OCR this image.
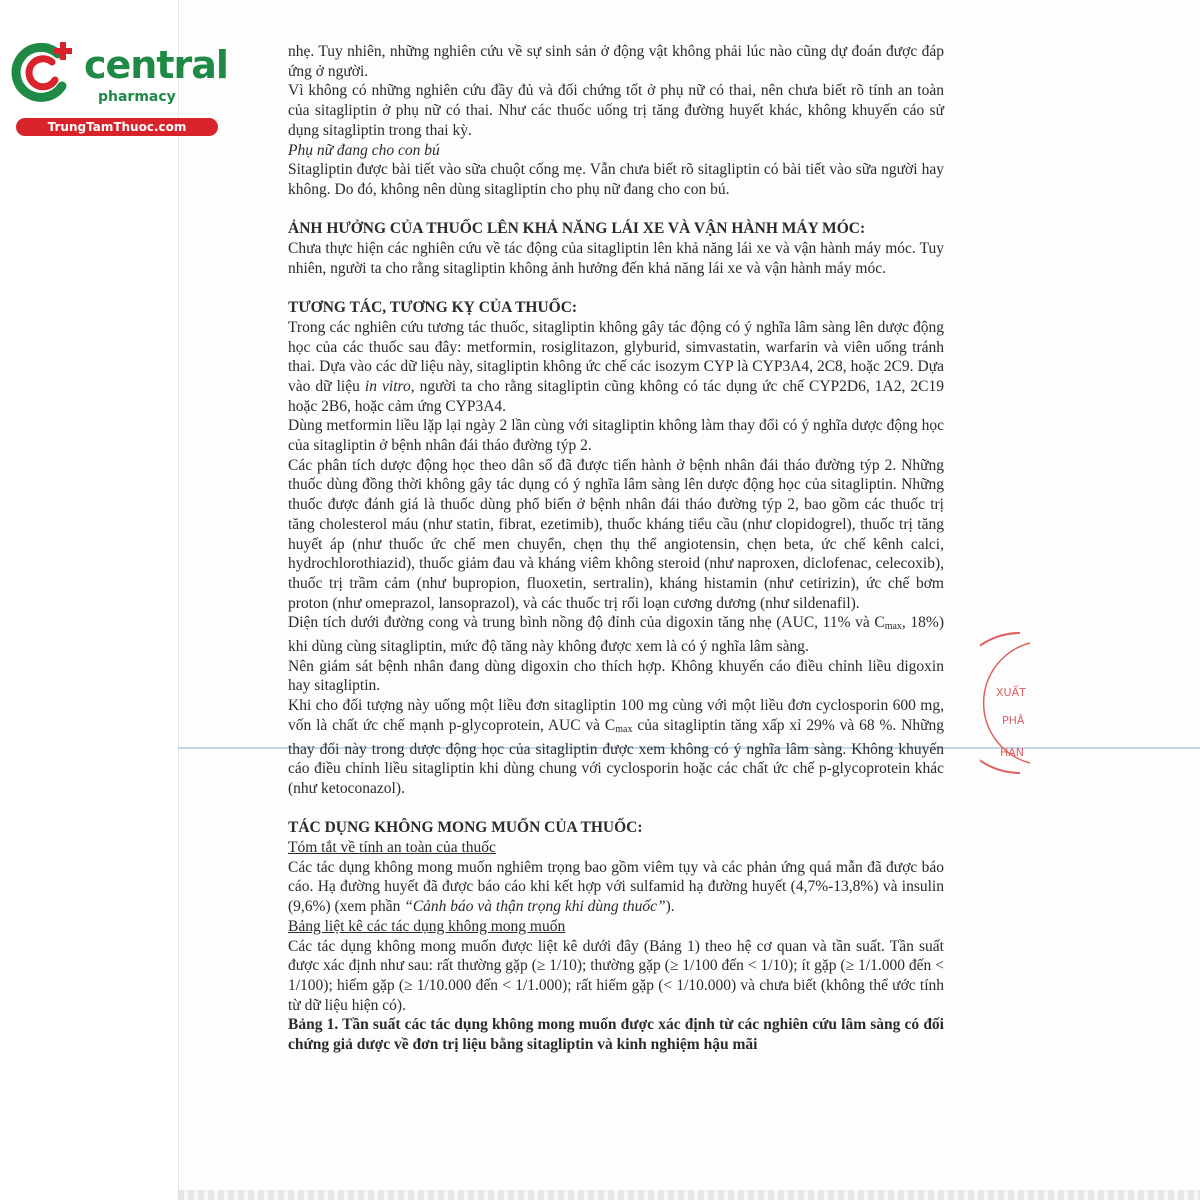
central
pharmacy
TrungTamThuoc.com
XUẤT
PHÂ
HAN

nhẹ. Tuy nhiên, những nghiên cứu về sự sinh sản ở động vật không phải lúc nào cũng dự đoán được đáp ứng ở người.

Vì không có những nghiên cứu đầy đủ và đối chứng tốt ở phụ nữ có thai, nên chưa biết rõ tính an toàn của sitagliptin ở phụ nữ có thai. Như các thuốc uống trị tăng đường huyết khác, không khuyến cáo sử dụng sitagliptin trong thai kỳ.

Phụ nữ đang cho con bú

Sitagliptin được bài tiết vào sữa chuột cống mẹ. Vẫn chưa biết rõ sitagliptin có bài tiết vào sữa người hay không. Do đó, không nên dùng sitagliptin cho phụ nữ đang cho con bú.

ẢNH HƯỞNG CỦA THUỐC LÊN KHẢ NĂNG LÁI XE VÀ VẬN HÀNH MÁY MÓC:

Chưa thực hiện các nghiên cứu về tác động của sitagliptin lên khả năng lái xe và vận hành máy móc. Tuy nhiên, người ta cho rằng sitagliptin không ảnh hưởng đến khả năng lái xe và vận hành máy móc.

TƯƠNG TÁC, TƯƠNG KỴ CỦA THUỐC:

Trong các nghiên cứu tương tác thuốc, sitagliptin không gây tác động có ý nghĩa lâm sàng lên dược động học của các thuốc sau đây: metformin, rosiglitazon, glyburid, simvastatin, warfarin và viên uống tránh thai. Dựa vào các dữ liệu này, sitagliptin không ức chế các isozym CYP là CYP3A4, 2C8, hoặc 2C9. Dựa vào dữ liệu in vitro, người ta cho rằng sitagliptin cũng không có tác dụng ức chế CYP2D6, 1A2, 2C19 hoặc 2B6, hoặc cảm ứng CYP3A4.

Dùng metformin liều lặp lại ngày 2 lần cùng với sitagliptin không làm thay đổi có ý nghĩa dược động học của sitagliptin ở bệnh nhân đái tháo đường týp 2.

Các phân tích dược động học theo dân số đã được tiến hành ở bệnh nhân đái tháo đường týp 2. Những thuốc dùng đồng thời không gây tác dụng có ý nghĩa lâm sàng lên dược động học của sitagliptin. Những thuốc được đánh giá là thuốc dùng phổ biến ở bệnh nhân đái tháo đường týp 2, bao gồm các thuốc trị tăng cholesterol máu (như statin, fibrat, ezetimib), thuốc kháng tiểu cầu (như clopidogrel), thuốc trị tăng huyết áp (như thuốc ức chế men chuyển, chẹn thụ thể angiotensin, chẹn beta, ức chế kênh calci, hydrochlorothiazid), thuốc giảm đau và kháng viêm không steroid (như naproxen, diclofenac, celecoxib), thuốc trị trầm cảm (như bupropion, fluoxetin, sertralin), kháng histamin (như cetirizin), ức chế bơm proton (như omeprazol, lansoprazol), và các thuốc trị rối loạn cương dương (như sildenafil).

Diện tích dưới đường cong và trung bình nồng độ đỉnh của digoxin tăng nhẹ (AUC, 11% và $C_{max}$, 18%) khi dùng cùng sitagliptin, mức độ tăng này không được xem là có ý nghĩa lâm sàng.

Nên giám sát bệnh nhân đang dùng digoxin cho thích hợp. Không khuyến cáo điều chỉnh liều digoxin hay sitagliptin.

Khi cho đối tượng này uống một liều đơn sitagliptin 100 mg cùng với một liều đơn cyclosporin 600 mg, vốn là chất ức chế mạnh p-glycoprotein, AUC và $C_{max}$ của sitagliptin tăng xấp xỉ 29% và 68 %. Những thay đổi này trong dược động học của sitagliptin được xem không có ý nghĩa lâm sàng. Không khuyến cáo điều chỉnh liều sitagliptin khi dùng chung với cyclosporin hoặc các chất ức chế p-glycoprotein khác (như ketoconazol).

TÁC DỤNG KHÔNG MONG MUỐN CỦA THUỐC:

Tóm tắt về tính an toàn của thuốc

Các tác dụng không mong muốn nghiêm trọng bao gồm viêm tụy và các phản ứng quá mẫn đã được báo cáo. Hạ đường huyết đã được báo cáo khi kết hợp với sulfamid hạ đường huyết (4,7%-13,8%) và insulin (9,6%) (xem phần “Cảnh báo và thận trọng khi dùng thuốc”).

Bảng liệt kê các tác dụng không mong muốn

Các tác dụng không mong muốn được liệt kê dưới đây (Bảng 1) theo hệ cơ quan và tần suất. Tần suất được xác định như sau: rất thường gặp (≥ 1/10); thường gặp (≥ 1/100 đến < 1/10); ít gặp (≥ 1/1.000 đến < 1/100); hiếm gặp (≥ 1/10.000 đến < 1/1.000); rất hiếm gặp (< 1/10.000) và chưa biết (không thể ước tính từ dữ liệu hiện có).

Bảng 1. Tần suất các tác dụng không mong muốn được xác định từ các nghiên cứu lâm sàng có đối chứng giả dược về đơn trị liệu bằng sitagliptin và kinh nghiệm hậu mãi
